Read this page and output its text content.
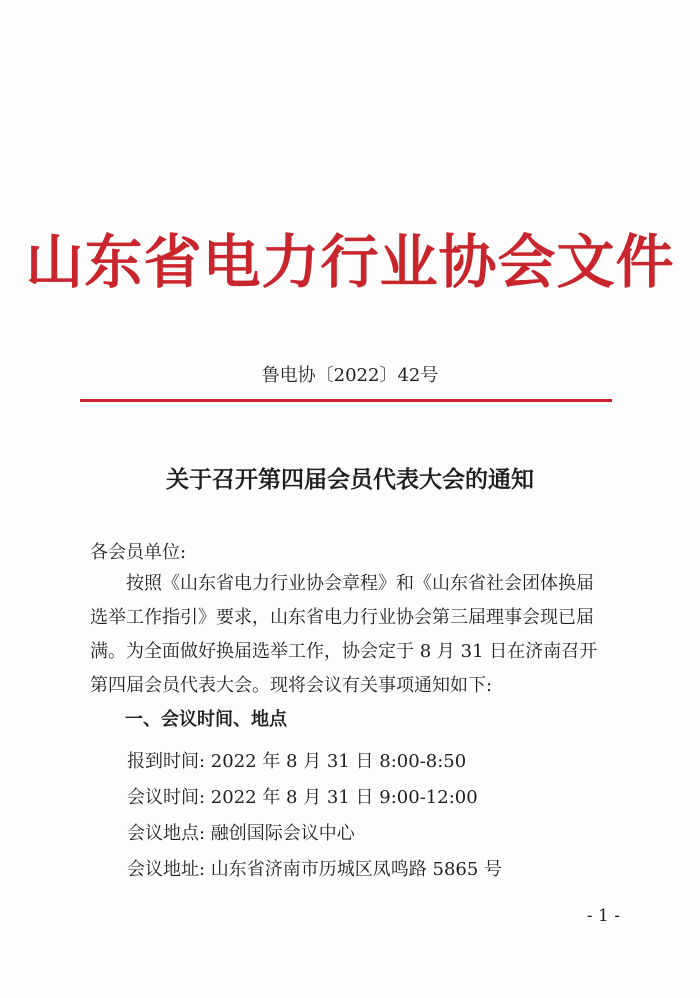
山东省电力行业协会文件
鲁电协〔2022〕42号
关于召开第四届会员代表大会的通知
各会员单位:
按照《山东省电力行业协会章程》和《山东省社会团体换届
选举工作指引》要求，山东省电力行业协会第三届理事会现已届
满。为全面做好换届选举工作，协会定于 8 月 31 日在济南召开
第四届会员代表大会。现将会议有关事项通知如下:
一、会议时间、地点
报到时间: 2022 年 8 月 31 日 8:00-8:50
会议时间: 2022 年 8 月 31 日 9:00-12:00
会议地点: 融创国际会议中心
会议地址: 山东省济南市历城区凤鸣路 5865 号
- 1 -
